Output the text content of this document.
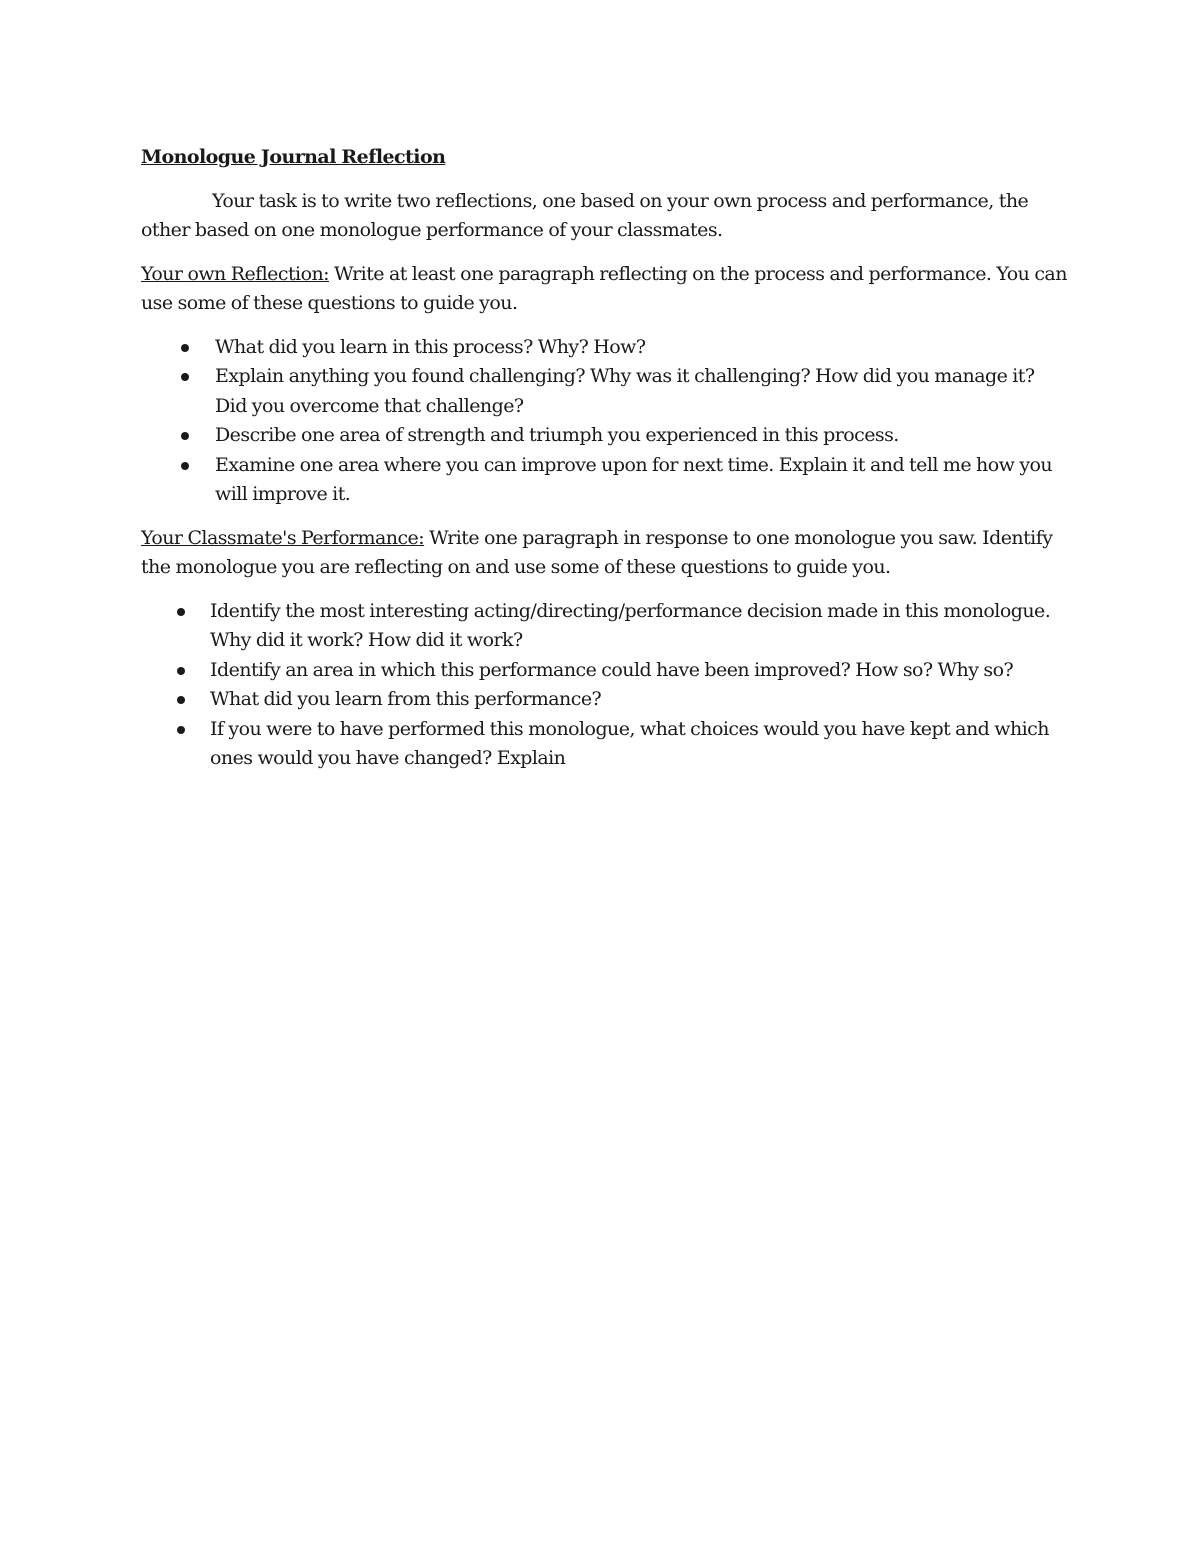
Monologue Journal Reflection
Your task is to write two reflections, one based on your own process and performance, the other based on one monologue performance of your classmates.
Your own Reflection: Write at least one paragraph reflecting on the process and performance. You can use some of these questions to guide you.
What did you learn in this process? Why? How?
Explain anything you found challenging? Why was it challenging? How did you manage it? Did you overcome that challenge?
Describe one area of strength and triumph you experienced in this process.
Examine one area where you can improve upon for next time. Explain it and tell me how you will improve it.
Your Classmate's Performance: Write one paragraph in response to one monologue you saw. Identify the monologue you are reflecting on and use some of these questions to guide you.
Identify the most interesting acting/directing/performance decision made in this monologue. Why did it work? How did it work?
Identify an area in which this performance could have been improved? How so? Why so?
What did you learn from this performance?
If you were to have performed this monologue, what choices would you have kept and which ones would you have changed? Explain
